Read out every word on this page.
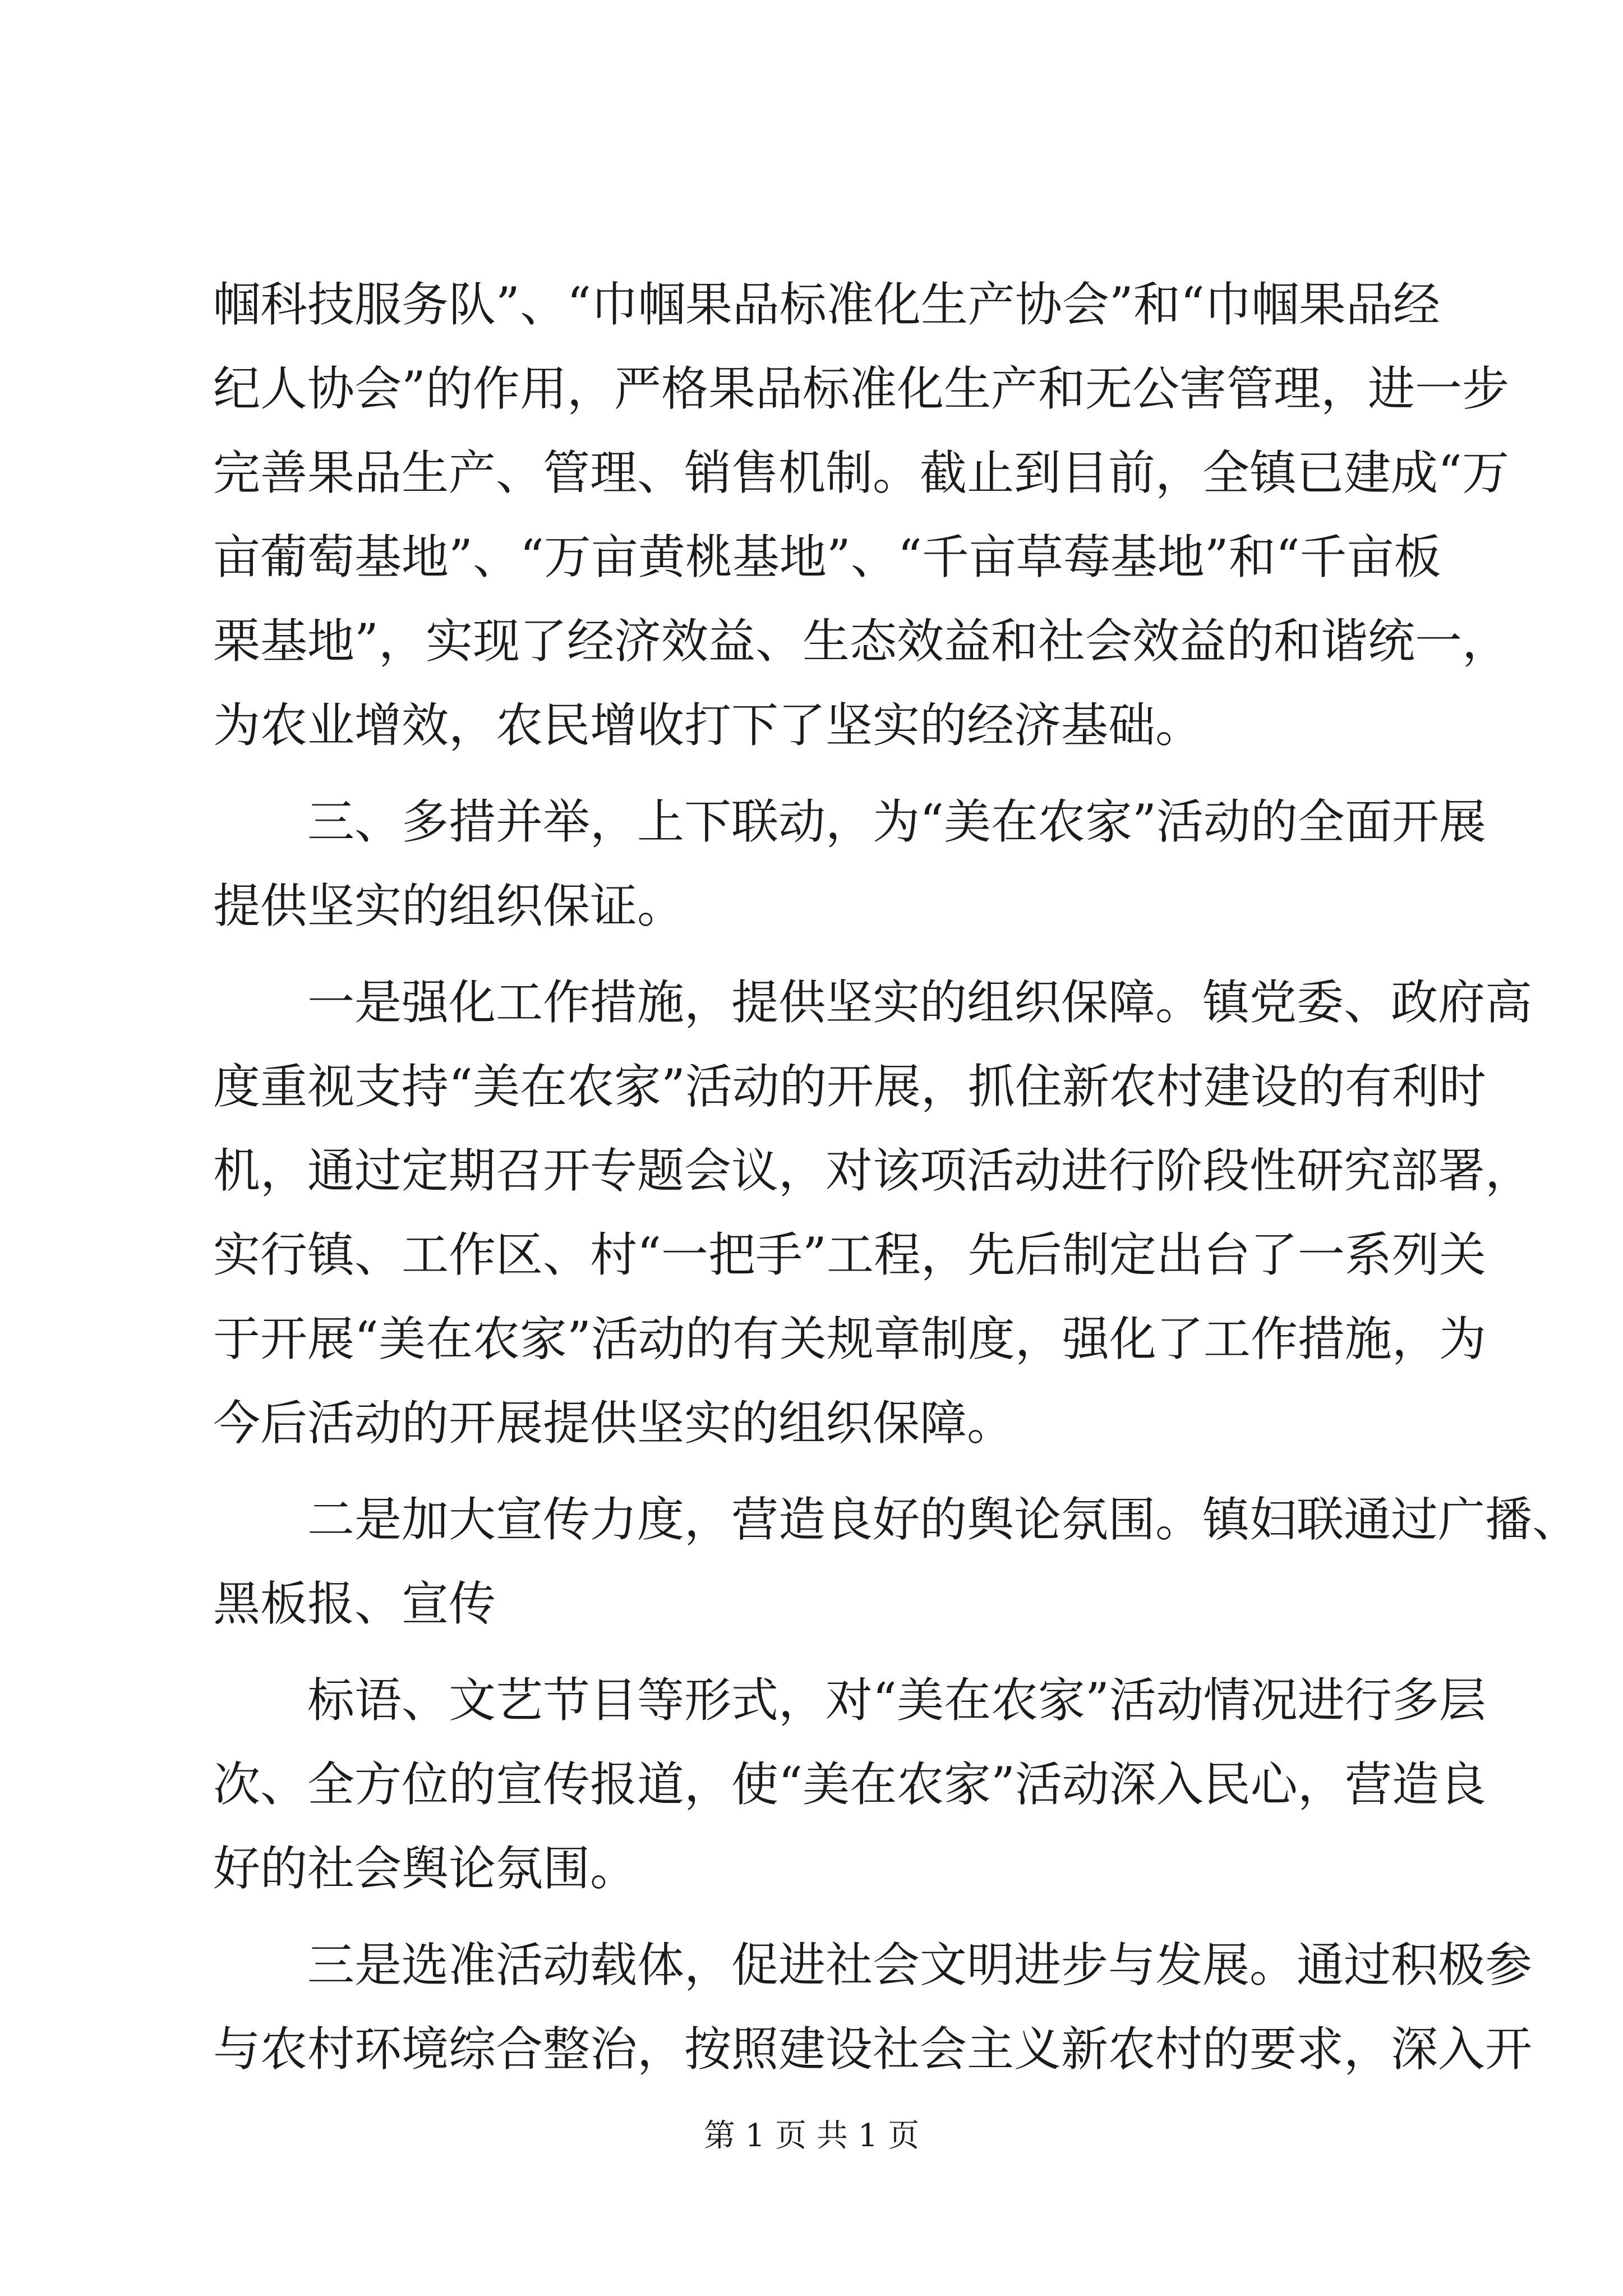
帼科技服务队”、“巾帼果品标准化生产协会”和“巾帼果品经
纪人协会”的作用，严格果品标准化生产和无公害管理，进一步
完善果品生产、管理、销售机制。截止到目前，全镇已建成“万
亩葡萄基地”、“万亩黄桃基地”、“千亩草莓基地”和“千亩板
栗基地”，实现了经济效益、生态效益和社会效益的和谐统一，
为农业增效，农民增收打下了坚实的经济基础。
三、多措并举，上下联动，为“美在农家”活动的全面开展
提供坚实的组织保证。
一是强化工作措施，提供坚实的组织保障。镇党委、政府高
度重视支持“美在农家”活动的开展，抓住新农村建设的有利时
机，通过定期召开专题会议，对该项活动进行阶段性研究部署，
实行镇、工作区、村“一把手”工程，先后制定出台了一系列关
于开展“美在农家”活动的有关规章制度，强化了工作措施，为
今后活动的开展提供坚实的组织保障。
二是加大宣传力度，营造良好的舆论氛围。镇妇联通过广播、
黑板报、宣传
标语、文艺节目等形式，对“美在农家”活动情况进行多层
次、全方位的宣传报道，使“美在农家”活动深入民心，营造良
好的社会舆论氛围。
三是选准活动载体，促进社会文明进步与发展。通过积极参
与农村环境综合整治，按照建设社会主义新农村的要求，深入开
第 1 页 共 1 页
